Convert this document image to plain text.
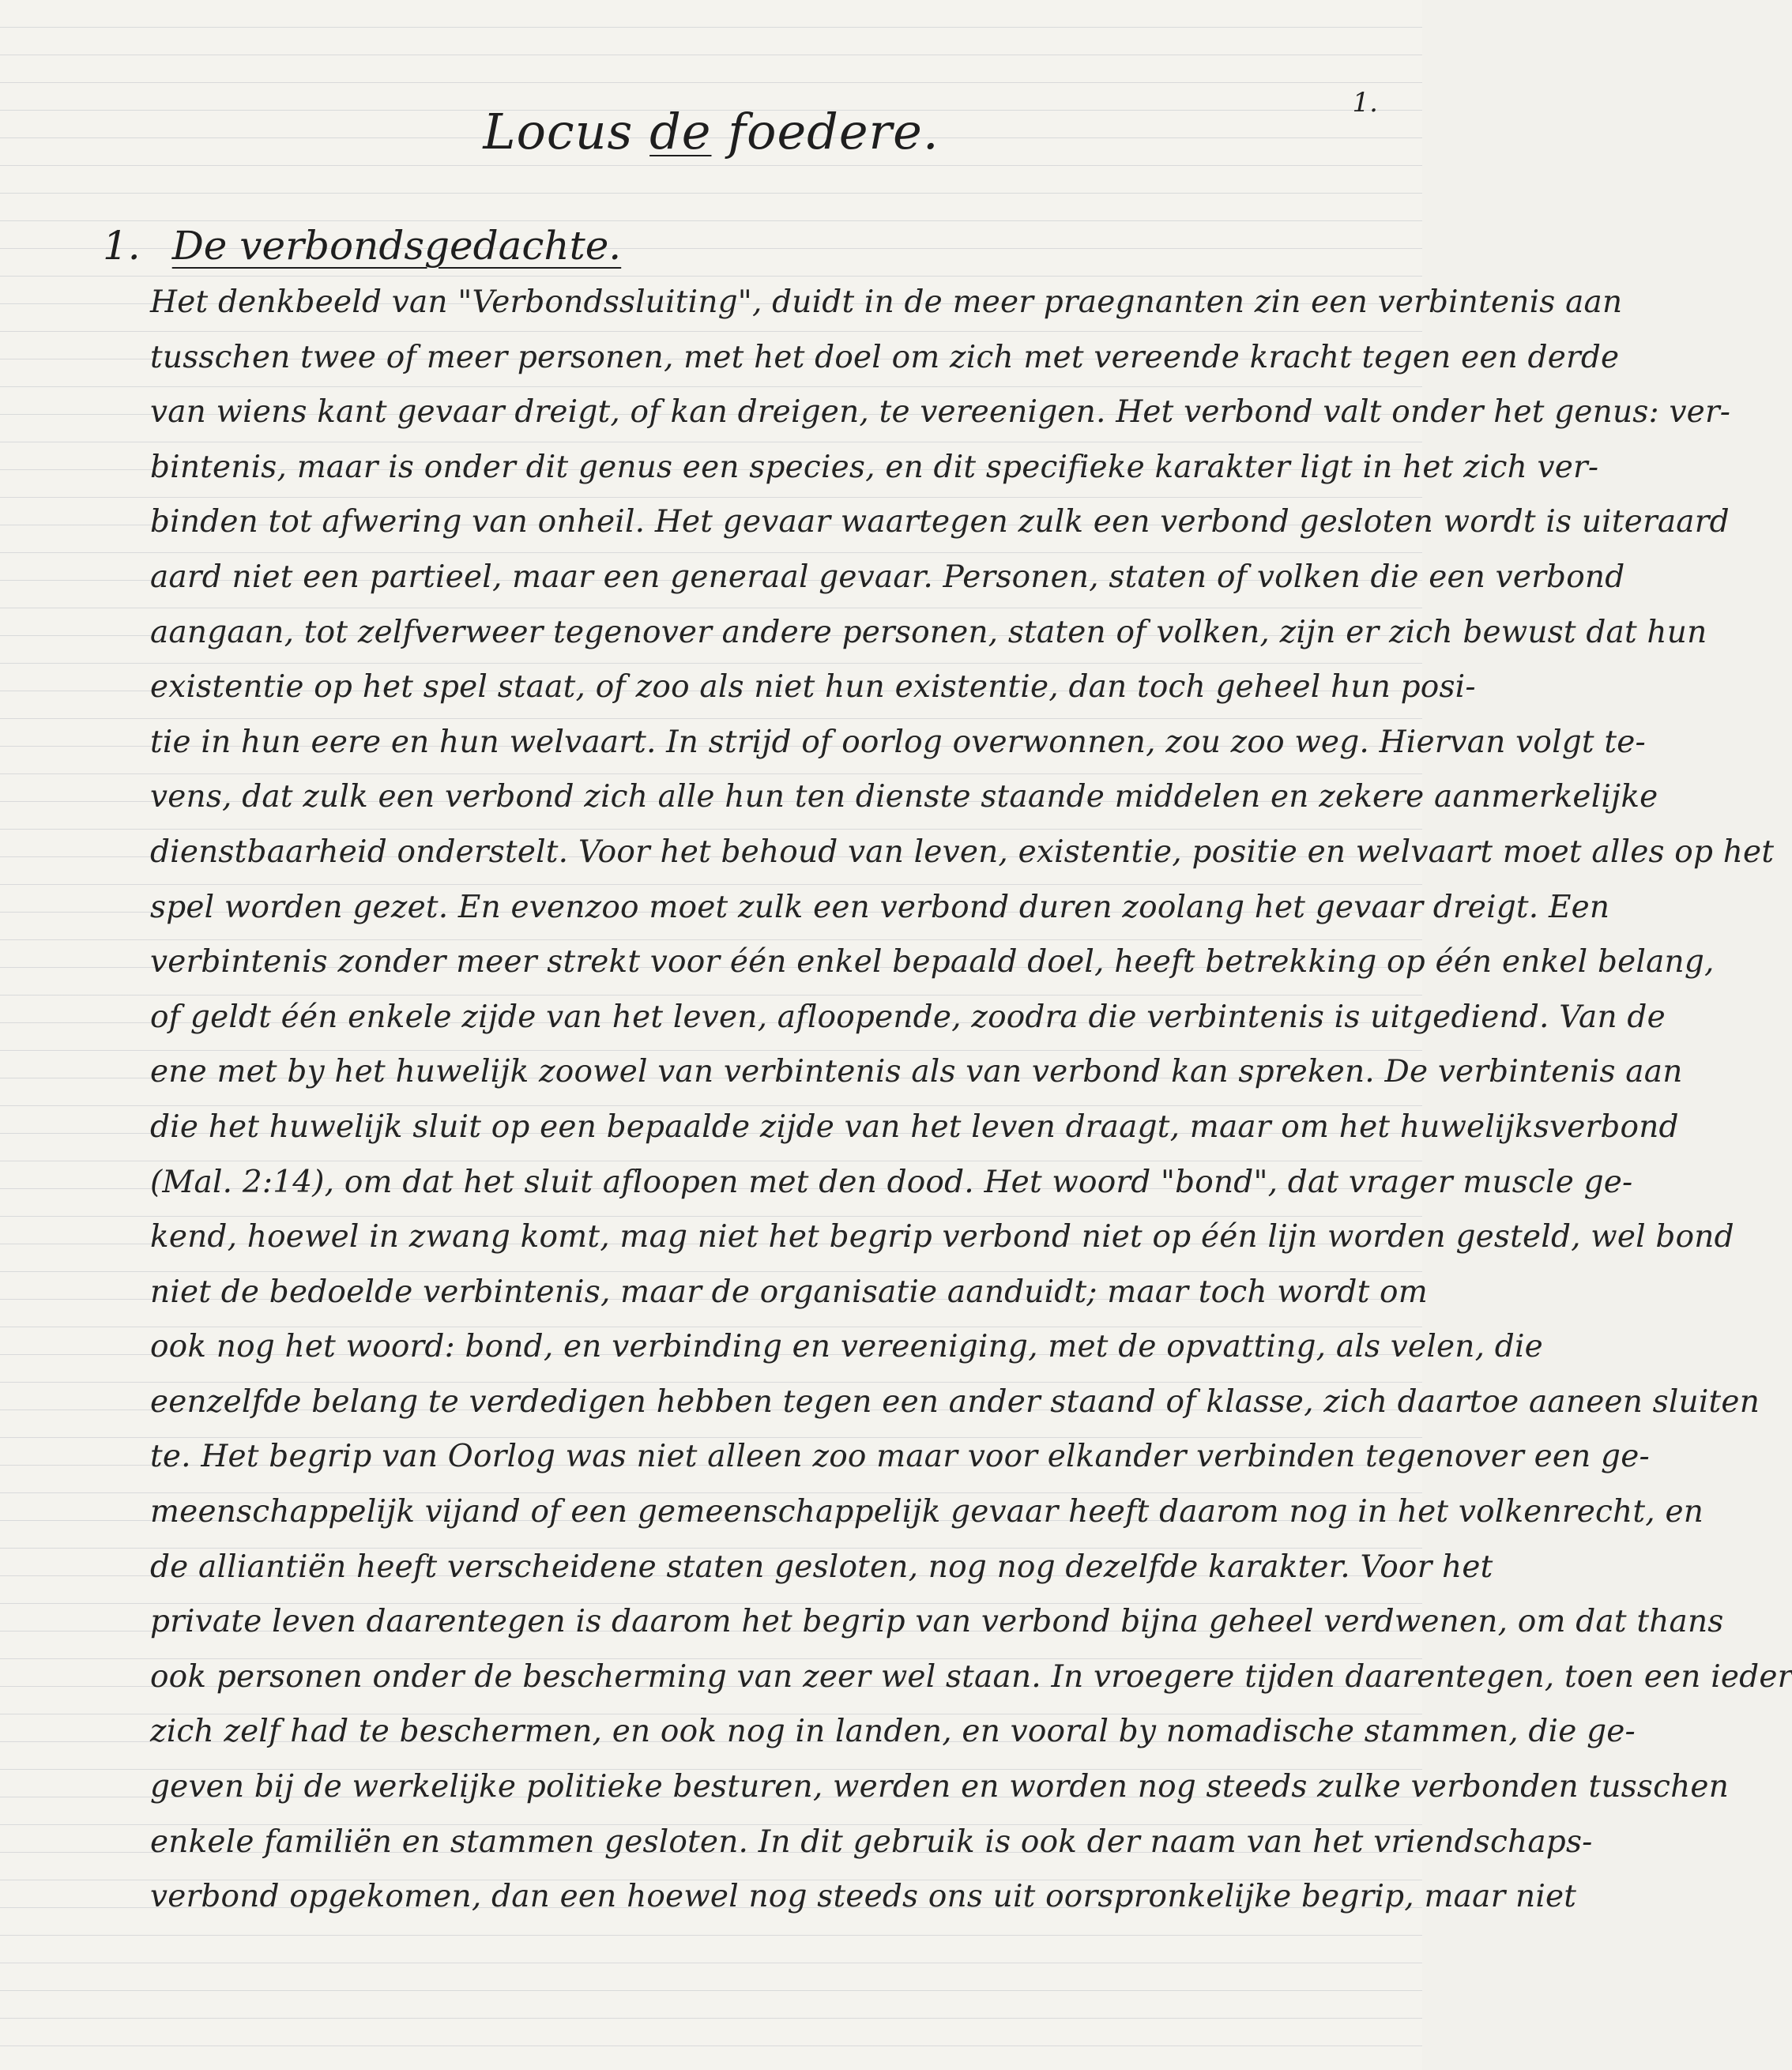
1.
Locus de foedere.
1. De verbondsgedachte.
Het denkbeeld van "Verbondssluiting", duidt in de meer praegnanten zin een verbintenis aan
tusschen twee of meer personen, met het doel om zich met vereende kracht tegen een derde
van wiens kant gevaar dreigt, of kan dreigen, te vereenigen. Het verbond valt onder het genus: ver-
bintenis, maar is onder dit genus een species, en dit specifieke karakter ligt in het zich ver-
binden tot afwering van onheil. Het gevaar waartegen zulk een verbond gesloten wordt is uiteraard
aard niet een partieel, maar een generaal gevaar. Personen, staten of volken die een verbond
aangaan, tot zelfverweer tegenover andere personen, staten of volken, zijn er zich bewust dat hun
existentie op het spel staat, of zoo als niet hun existentie, dan toch geheel hun posi-
tie in hun eere en hun welvaart. In strijd of oorlog overwonnen, zou zoo weg. Hiervan volgt te-
vens, dat zulk een verbond zich alle hun ten dienste staande middelen en zekere aanmerkelijke
dienstbaarheid onderstelt. Voor het behoud van leven, existentie, positie en welvaart moet alles op het
spel worden gezet. En evenzoo moet zulk een verbond duren zoolang het gevaar dreigt. Een
verbintenis zonder meer strekt voor één enkel bepaald doel, heeft betrekking op één enkel belang,
of geldt één enkele zijde van het leven, afloopende, zoodra die verbintenis is uitgediend. Van de
ene met by het huwelijk zoowel van verbintenis als van verbond kan spreken. De verbintenis aan
die het huwelijk sluit op een bepaalde zijde van het leven draagt, maar om het huwelijksverbond
(Mal. 2:14), om dat het sluit afloopen met den dood. Het woord "bond", dat vrager muscle ge-
kend, hoewel in zwang komt, mag niet het begrip verbond niet op één lijn worden gesteld, wel bond
niet de bedoelde verbintenis, maar de organisatie aanduidt; maar toch wordt om
ook nog het woord: bond, en verbinding en vereeniging, met de opvatting, als velen, die
eenzelfde belang te verdedigen hebben tegen een ander staand of klasse, zich daartoe aaneen sluiten
te. Het begrip van Oorlog was niet alleen zoo maar voor elkander verbinden tegenover een ge-
meenschappelijk vijand of een gemeenschappelijk gevaar heeft daarom nog in het volkenrecht, en
de alliantiën heeft verscheidene staten gesloten, nog nog dezelfde karakter. Voor het
private leven daarentegen is daarom het begrip van verbond bijna geheel verdwenen, om dat thans
ook personen onder de bescherming van zeer wel staan. In vroegere tijden daarentegen, toen een ieder
zich zelf had te beschermen, en ook nog in landen, en vooral by nomadische stammen, die ge-
geven bij de werkelijke politieke besturen, werden en worden nog steeds zulke verbonden tusschen
enkele familiën en stammen gesloten. In dit gebruik is ook der naam van het vriendschaps-
verbond opgekomen, dan een hoewel nog steeds ons uit oorspronkelijke begrip, maar niet
